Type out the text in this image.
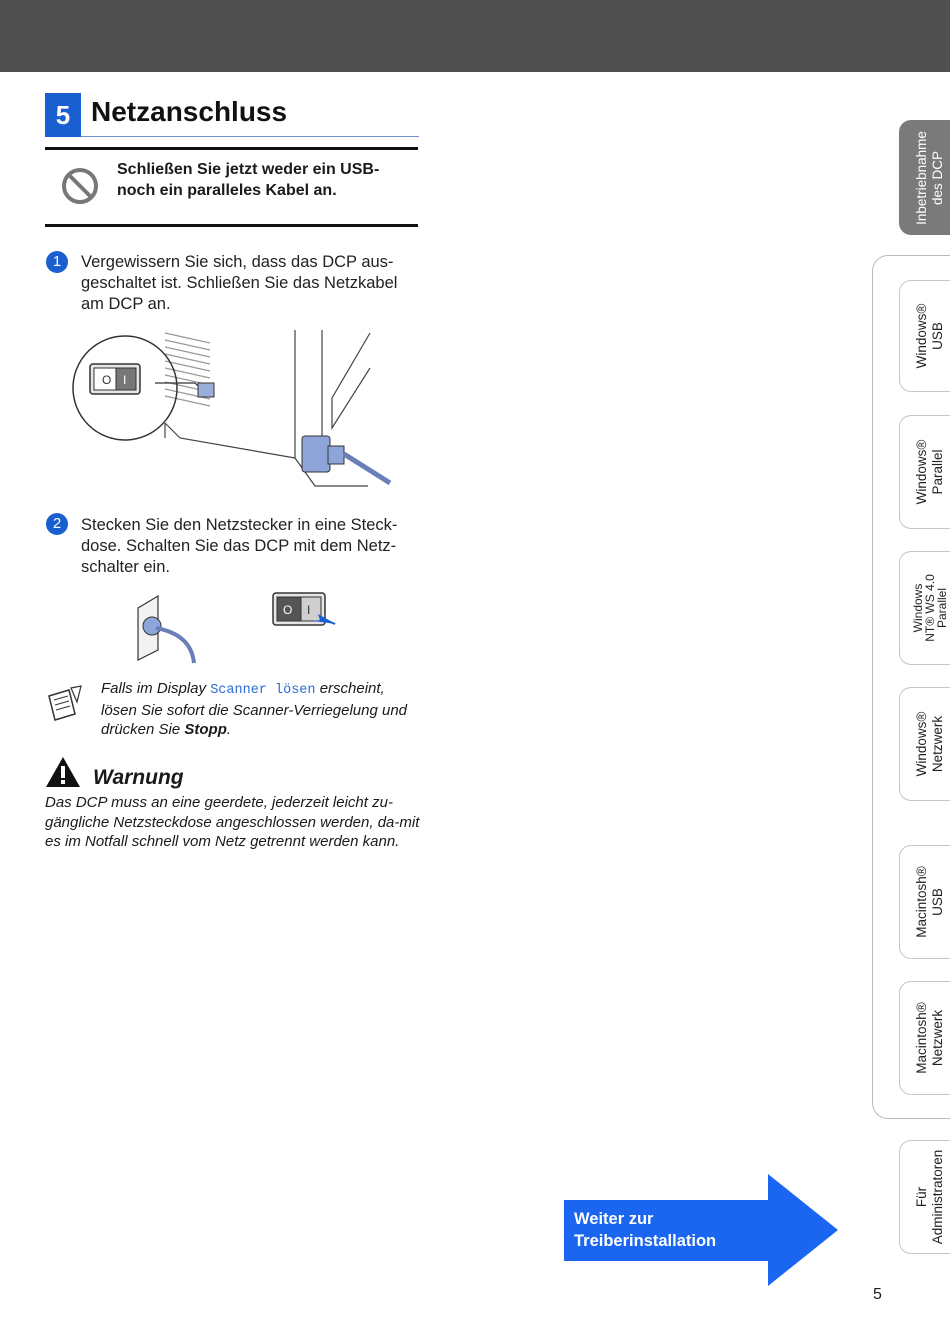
5 Netzanschluss
Schließen Sie jetzt weder ein USB-noch ein paralleles Kabel an.
1	Vergewissern Sie sich, dass das DCP aus-geschaltet ist. Schließen Sie das Netzkabel am DCP an.
O I
2	Stecken Sie den Netzstecker in eine Steck-dose. Schalten Sie das DCP mit dem Netz-schalter ein.
O I
Falls im Display Scanner lösen erscheint, lösen Sie sofort die Scanner-Verriegelung und drücken Sie Stopp.
Warnung
Das DCP muss an eine geerdete, jederzeit leicht zu-gängliche Netzsteckdose angeschlossen werden, da-mit es im Notfall schnell vom Netz getrennt werden kann.
Weiter zur
Treiberinstallation
5
Inbetriebnahme des DCP
Windows® USB
Windows® Parallel
Windows
NT® WS 4.0
Parallel
Windows® Netzwerk
Macintosh® USB
Macintosh® Netzwerk
Für Administratoren
